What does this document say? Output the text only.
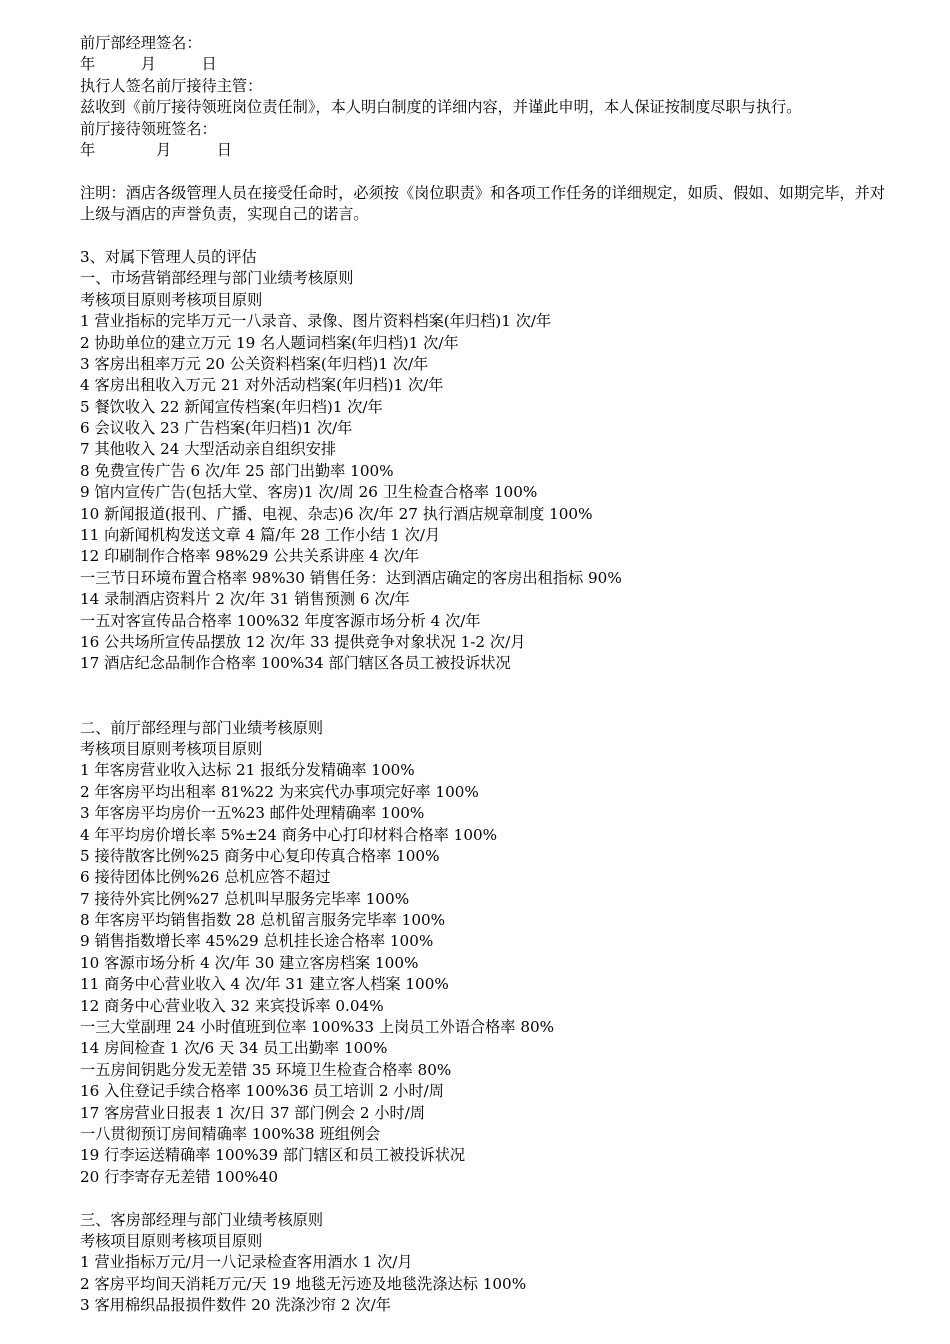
前厅部经理签名：
年　　　月　　　日
执行人签名前厅接待主管：
兹收到《前厅接待领班岗位责任制》，本人明白制度的详细内容，并谨此申明，本人保证按制度尽职与执行。
前厅接待领班签名：
年　　　　月　　　日
注明：酒店各级管理人员在接受任命时，必须按《岗位职责》和各项工作任务的详细规定，如质、假如、如期完毕，并对上级与酒店的声誉负责，实现自己的诺言。
3、对属下管理人员的评估
一、市场营销部经理与部门业绩考核原则
考核项目原则考核项目原则
1 营业指标的完毕万元一八录音、录像、图片资料档案(年归档)1 次/年
2 协助单位的建立万元 19 名人题词档案(年归档)1 次/年
3 客房出租率万元 20 公关资料档案(年归档)1 次/年
4 客房出租收入万元 21 对外活动档案(年归档)1 次/年
5 餐饮收入 22 新闻宣传档案(年归档)1 次/年
6 会议收入 23 广告档案(年归档)1 次/年
7 其他收入 24 大型活动亲自组织安排
8 免费宣传广告 6 次/年 25 部门出勤率 100%
9 馆内宣传广告(包括大堂、客房)1 次/周 26 卫生检查合格率 100%
10 新闻报道(报刊、广播、电视、杂志)6 次/年 27 执行酒店规章制度 100%
11 向新闻机构发送文章 4 篇/年 28 工作小结 1 次/月
12 印刷制作合格率 98%29 公共关系讲座 4 次/年
一三节日环境布置合格率 98%30 销售任务：达到酒店确定的客房出租指标 90%
14 录制酒店资料片 2 次/年 31 销售预测 6 次/年
一五对客宣传品合格率 100%32 年度客源市场分析 4 次/年
16 公共场所宣传品摆放 12 次/年 33 提供竞争对象状况 1-2 次/月
17 酒店纪念品制作合格率 100%34 部门辖区各员工被投诉状况
二、前厅部经理与部门业绩考核原则
考核项目原则考核项目原则
1 年客房营业收入达标 21 报纸分发精确率 100%
2 年客房平均出租率 81%22 为来宾代办事项完好率 100%
3 年客房平均房价一五%23 邮件处理精确率 100%
4 年平均房价增长率 5%±24 商务中心打印材料合格率 100%
5 接待散客比例%25 商务中心复印传真合格率 100%
6 接待团体比例%26 总机应答不超过
7 接待外宾比例%27 总机叫早服务完毕率 100%
8 年客房平均销售指数 28 总机留言服务完毕率 100%
9 销售指数增长率 45%29 总机挂长途合格率 100%
10 客源市场分析 4 次/年 30 建立客房档案 100%
11 商务中心营业收入 4 次/年 31 建立客人档案 100%
12 商务中心营业收入 32 来宾投诉率 0.04%
一三大堂副理 24 小时值班到位率 100%33 上岗员工外语合格率 80%
14 房间检查 1 次/6 天 34 员工出勤率 100%
一五房间钥匙分发无差错 35 环境卫生检查合格率 80%
16 入住登记手续合格率 100%36 员工培训 2 小时/周
17 客房营业日报表 1 次/日 37 部门例会 2 小时/周
一八贯彻预订房间精确率 100%38 班组例会
19 行李运送精确率 100%39 部门辖区和员工被投诉状况
20 行李寄存无差错 100%40
三、客房部经理与部门业绩考核原则
考核项目原则考核项目原则
1 营业指标万元/月一八记录检查客用酒水 1 次/月
2 客房平均间天消耗万元/天 19 地毯无污迹及地毯洗涤达标 100%
3 客用棉织品报损件数件 20 洗涤沙帘 2 次/年
